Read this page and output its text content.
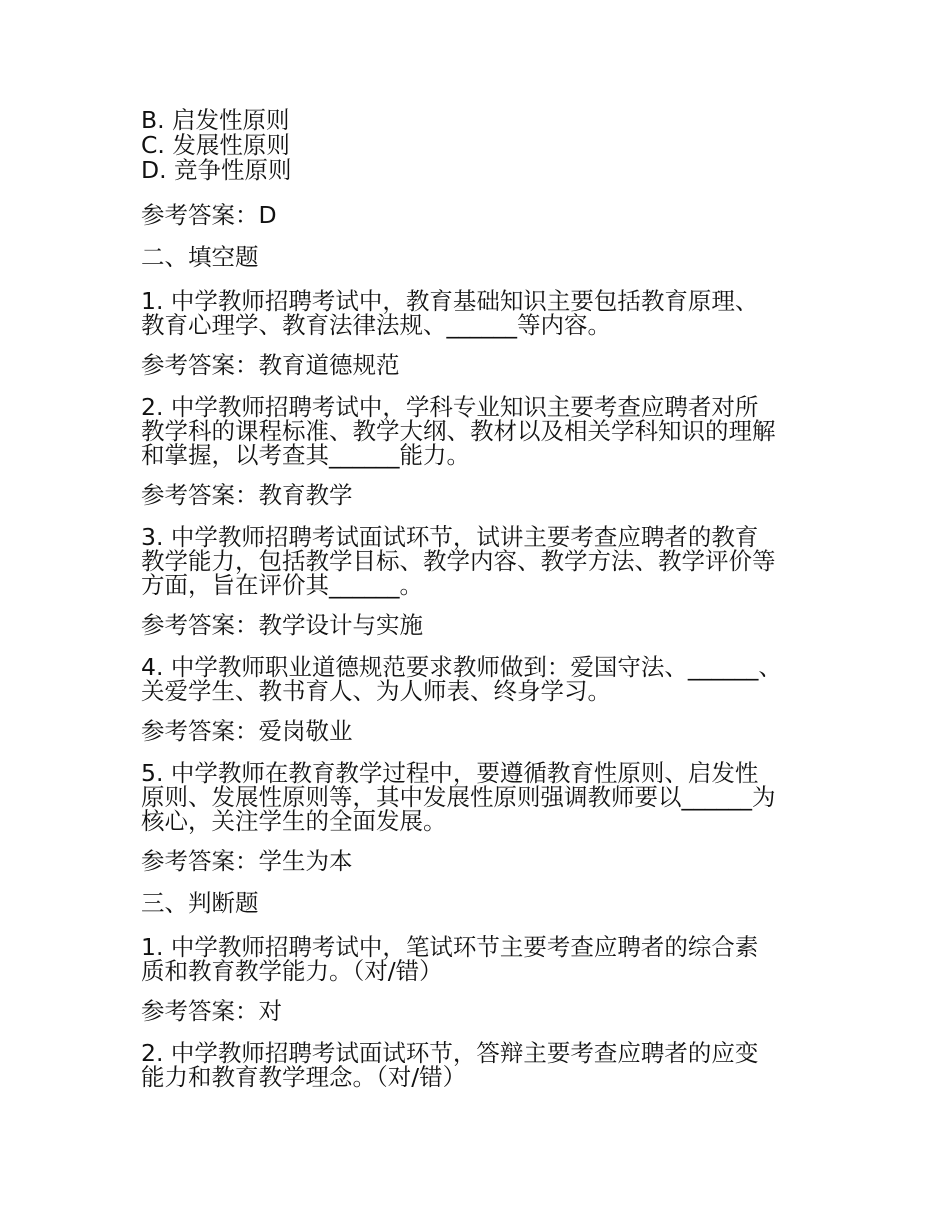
B. 启发性原则

C. 发展性原则

D. 竞争性原则

参考答案：D

二、填空题

1. 中学教师招聘考试中，教育基础知识主要包括教育原理、
教育心理学、教育法律法规、______等内容。

参考答案：教育道德规范

2. 中学教师招聘考试中，学科专业知识主要考查应聘者对所
教学科的课程标准、教学大纲、教材以及相关学科知识的理解
和掌握，以考查其______能力。

参考答案：教育教学

3. 中学教师招聘考试面试环节，试讲主要考查应聘者的教育
教学能力，包括教学目标、教学内容、教学方法、教学评价等
方面，旨在评价其______。

参考答案：教学设计与实施

4. 中学教师职业道德规范要求教师做到：爱国守法、______、
关爱学生、教书育人、为人师表、终身学习。

参考答案：爱岗敬业

5. 中学教师在教育教学过程中，要遵循教育性原则、启发性
原则、发展性原则等，其中发展性原则强调教师要以______为
核心，关注学生的全面发展。

参考答案：学生为本

三、判断题

1. 中学教师招聘考试中，笔试环节主要考查应聘者的综合素
质和教育教学能力。（对/错）

参考答案：对

2. 中学教师招聘考试面试环节，答辩主要考查应聘者的应变
能力和教育教学理念。（对/错）
